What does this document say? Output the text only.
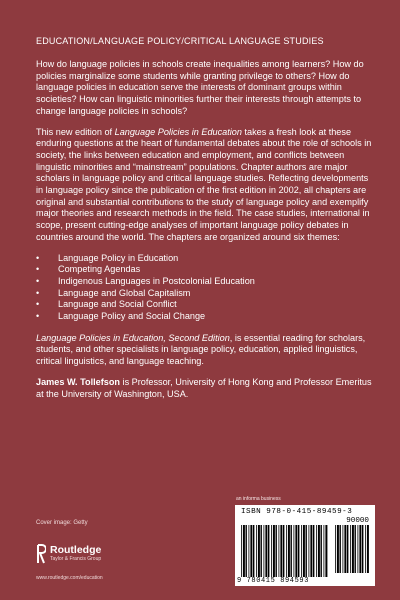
EDUCATION/LANGUAGE POLICY/CRITICAL LANGUAGE STUDIES

How do language policies in schools create inequalities among learners? How do policies marginalize some students while granting privilege to others? How do language policies in education serve the interests of dominant groups within societies? How can linguistic minorities further their interests through attempts to change language policies in schools?

This new edition of Language Policies in Education takes a fresh look at these enduring questions at the heart of fundamental debates about the role of schools in society, the links between education and employment, and conflicts between linguistic minorities and “mainstream” populations. Chapter authors are major scholars in language policy and critical language studies. Reflecting developments in language policy since the publication of the first edition in 2002, all chapters are original and substantial contributions to the study of language policy and exemplify major theories and research methods in the field. The case studies, international in scope, present cutting-edge analyses of important language policy debates in countries around the world. The chapters are organized around six themes:

• Language Policy in Education
• Competing Agendas
• Indigenous Languages in Postcolonial Education
• Language and Global Capitalism
• Language and Social Conflict
• Language Policy and Social Change

Language Policies in Education, Second Edition, is essential reading for scholars, students, and other specialists in language policy, education, applied linguistics, critical linguistics, and language teaching.

James W. Tollefson is Professor, University of Hong Kong and Professor Emeritus at the University of Washington, USA.

Cover image: Getty
Routledge
Taylor & Francis Group
www.routledge.com/education
an informa business
ISBN 978-0-415-89459-3
90000
9 780415 894593
